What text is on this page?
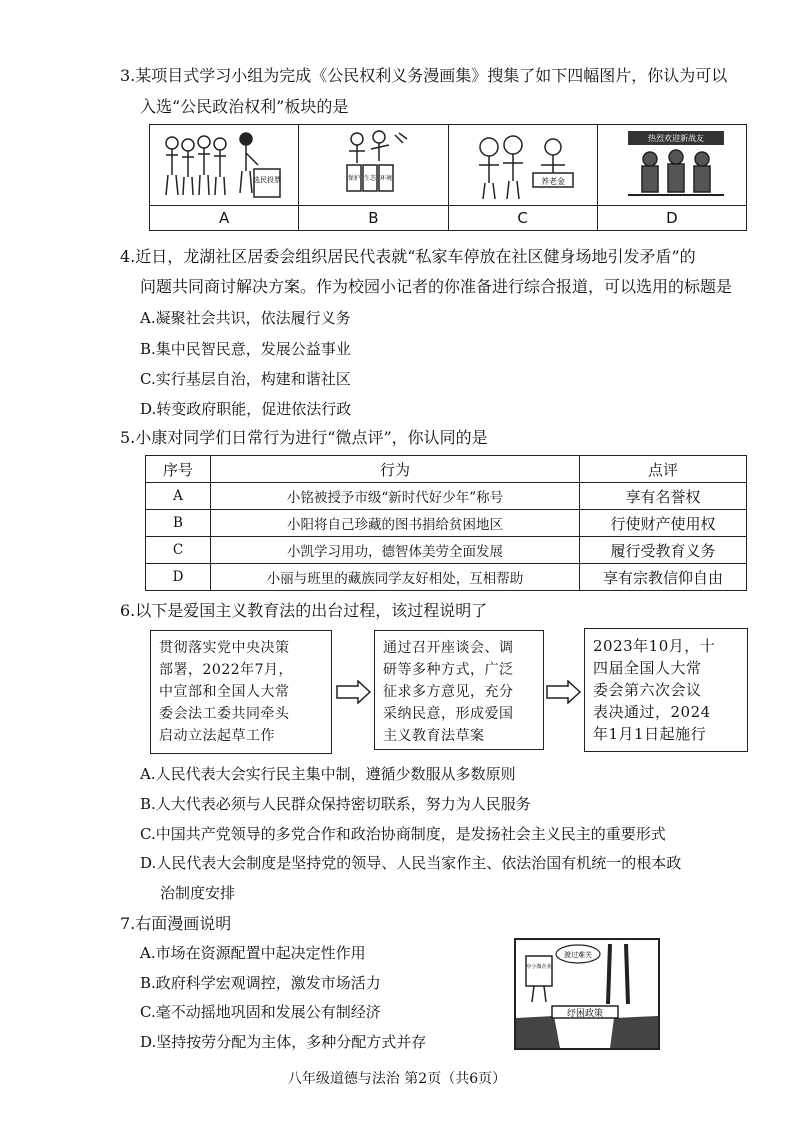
3.某项目式学习小组为完成《公民权利义务漫画集》搜集了如下四幅图片，你认为可以
入选“公民政治权利”板块的是
选民投票	保护 生态 环境	养老金	热烈欢迎新战友

A	B	C	D
4.近日，龙湖社区居委会组织居民代表就“私家车停放在社区健身场地引发矛盾”的
问题共同商讨解决方案。作为校园小记者的你准备进行综合报道，可以选用的标题是
A.凝聚社会共识，依法履行义务
B.集中民智民意，发展公益事业
C.实行基层自治，构建和谐社区
D.转变政府职能，促进依法行政
5.小康对同学们日常行为进行“微点评”，你认同的是
序号	行为	点评
A	小铭被授予市级“新时代好少年”称号	享有名誉权
B	小阳将自己珍藏的图书捐给贫困地区	行使财产使用权
C	小凯学习用功，德智体美劳全面发展	履行受教育义务
D	小丽与班里的藏族同学友好相处，互相帮助	享有宗教信仰自由
6.以下是爱国主义教育法的出台过程，该过程说明了
贯彻落实党中央决策
部署，2022年7月，
中宣部和全国人大常
委会法工委共同牵头
启动立法起草工作
通过召开座谈会、调
研等多种方式，广泛
征求多方意见，充分
采纳民意，形成爱国
主义教育法草案
2023年10月，十
四届全国人大常
委会第六次会议
表决通过，2024
年1月1日起施行
A.人民代表大会实行民主集中制，遵循少数服从多数原则
B.人大代表必须与人民群众保持密切联系，努力为人民服务
C.中国共产党领导的多党合作和政治协商制度，是发扬社会主义民主的重要形式
D.人民代表大会制度是坚持党的领导、人民当家作主、依法治国有机统一的根本政
治制度安排
7.右面漫画说明
A.市场在资源配置中起决定性作用
B.政府科学宏观调控，激发市场活力
C.毫不动摇地巩固和发展公有制经济
D.坚持按劳分配为主体，多种分配方式并存
纾困政策
中小微企业
渡过难关
八年级道德与法治 第2页（共6页）
